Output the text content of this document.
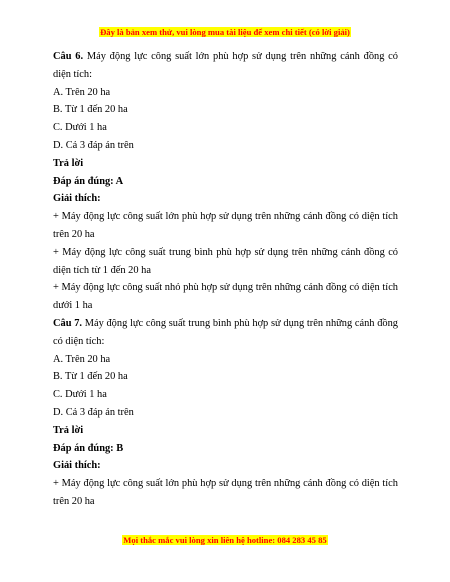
Đây là bản xem thử, vui lòng mua tài liệu để xem chi tiết (có lời giải)

Câu 6. Máy động lực công suất lớn phù hợp sử dụng trên những cánh đồng có diện tích:

A. Trên 20 ha

B. Từ 1 đến 20 ha

C. Dưới 1 ha

D. Cả 3 đáp án trên

Trả lời

Đáp án đúng: A

Giải thích:

+ Máy động lực công suất lớn phù hợp sử dụng trên những cánh đồng có diện tích trên 20 ha

+ Máy động lực công suất trung bình phù hợp sử dụng trên những cánh đồng có diện tích từ 1 đến 20 ha

+ Máy động lực công suất nhỏ phù hợp sử dụng trên những cánh đồng có diện tích dưới 1 ha

Câu 7. Máy động lực công suất trung bình phù hợp sử dụng trên những cánh đồng có diện tích:

A. Trên 20 ha

B. Từ 1 đến 20 ha

C. Dưới 1 ha

D. Cả 3 đáp án trên

Trả lời

Đáp án đúng: B

Giải thích:

+ Máy động lực công suất lớn phù hợp sử dụng trên những cánh đồng có diện tích trên 20 ha

Mọi thắc mắc vui lòng xin liên hệ hotline: 084 283 45 85
